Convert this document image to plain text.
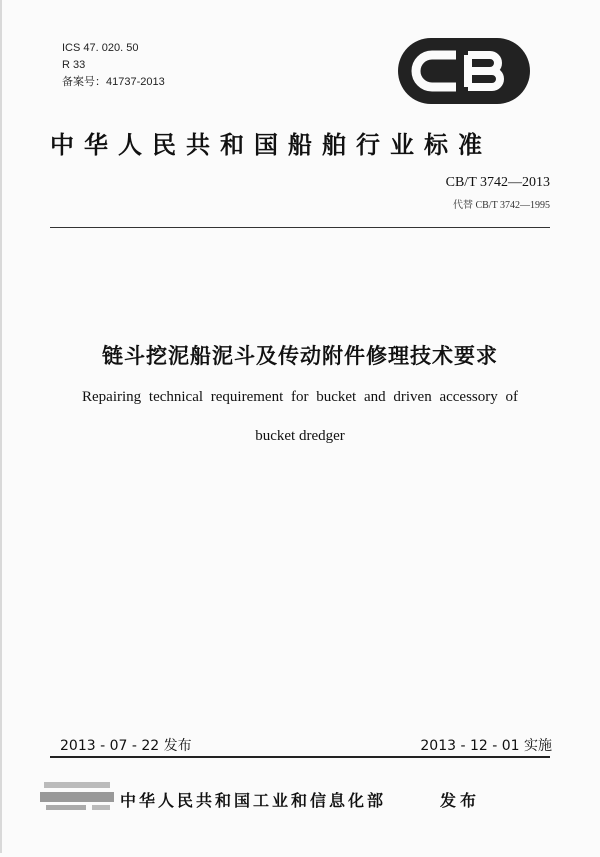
ICS 47. 020. 50
R 33
备案号：41737-2013
中华人民共和国船舶行业标准
CB/T 3742—2013
代替 CB/T 3742—1995
链斗挖泥船泥斗及传动附件修理技术要求
Repairing technical requirement for bucket and driven accessory of
bucket dredger
2013 - 07 - 22 发布	2013 - 12 - 01 实施
中华人民共和国工业和信息化部	发布
